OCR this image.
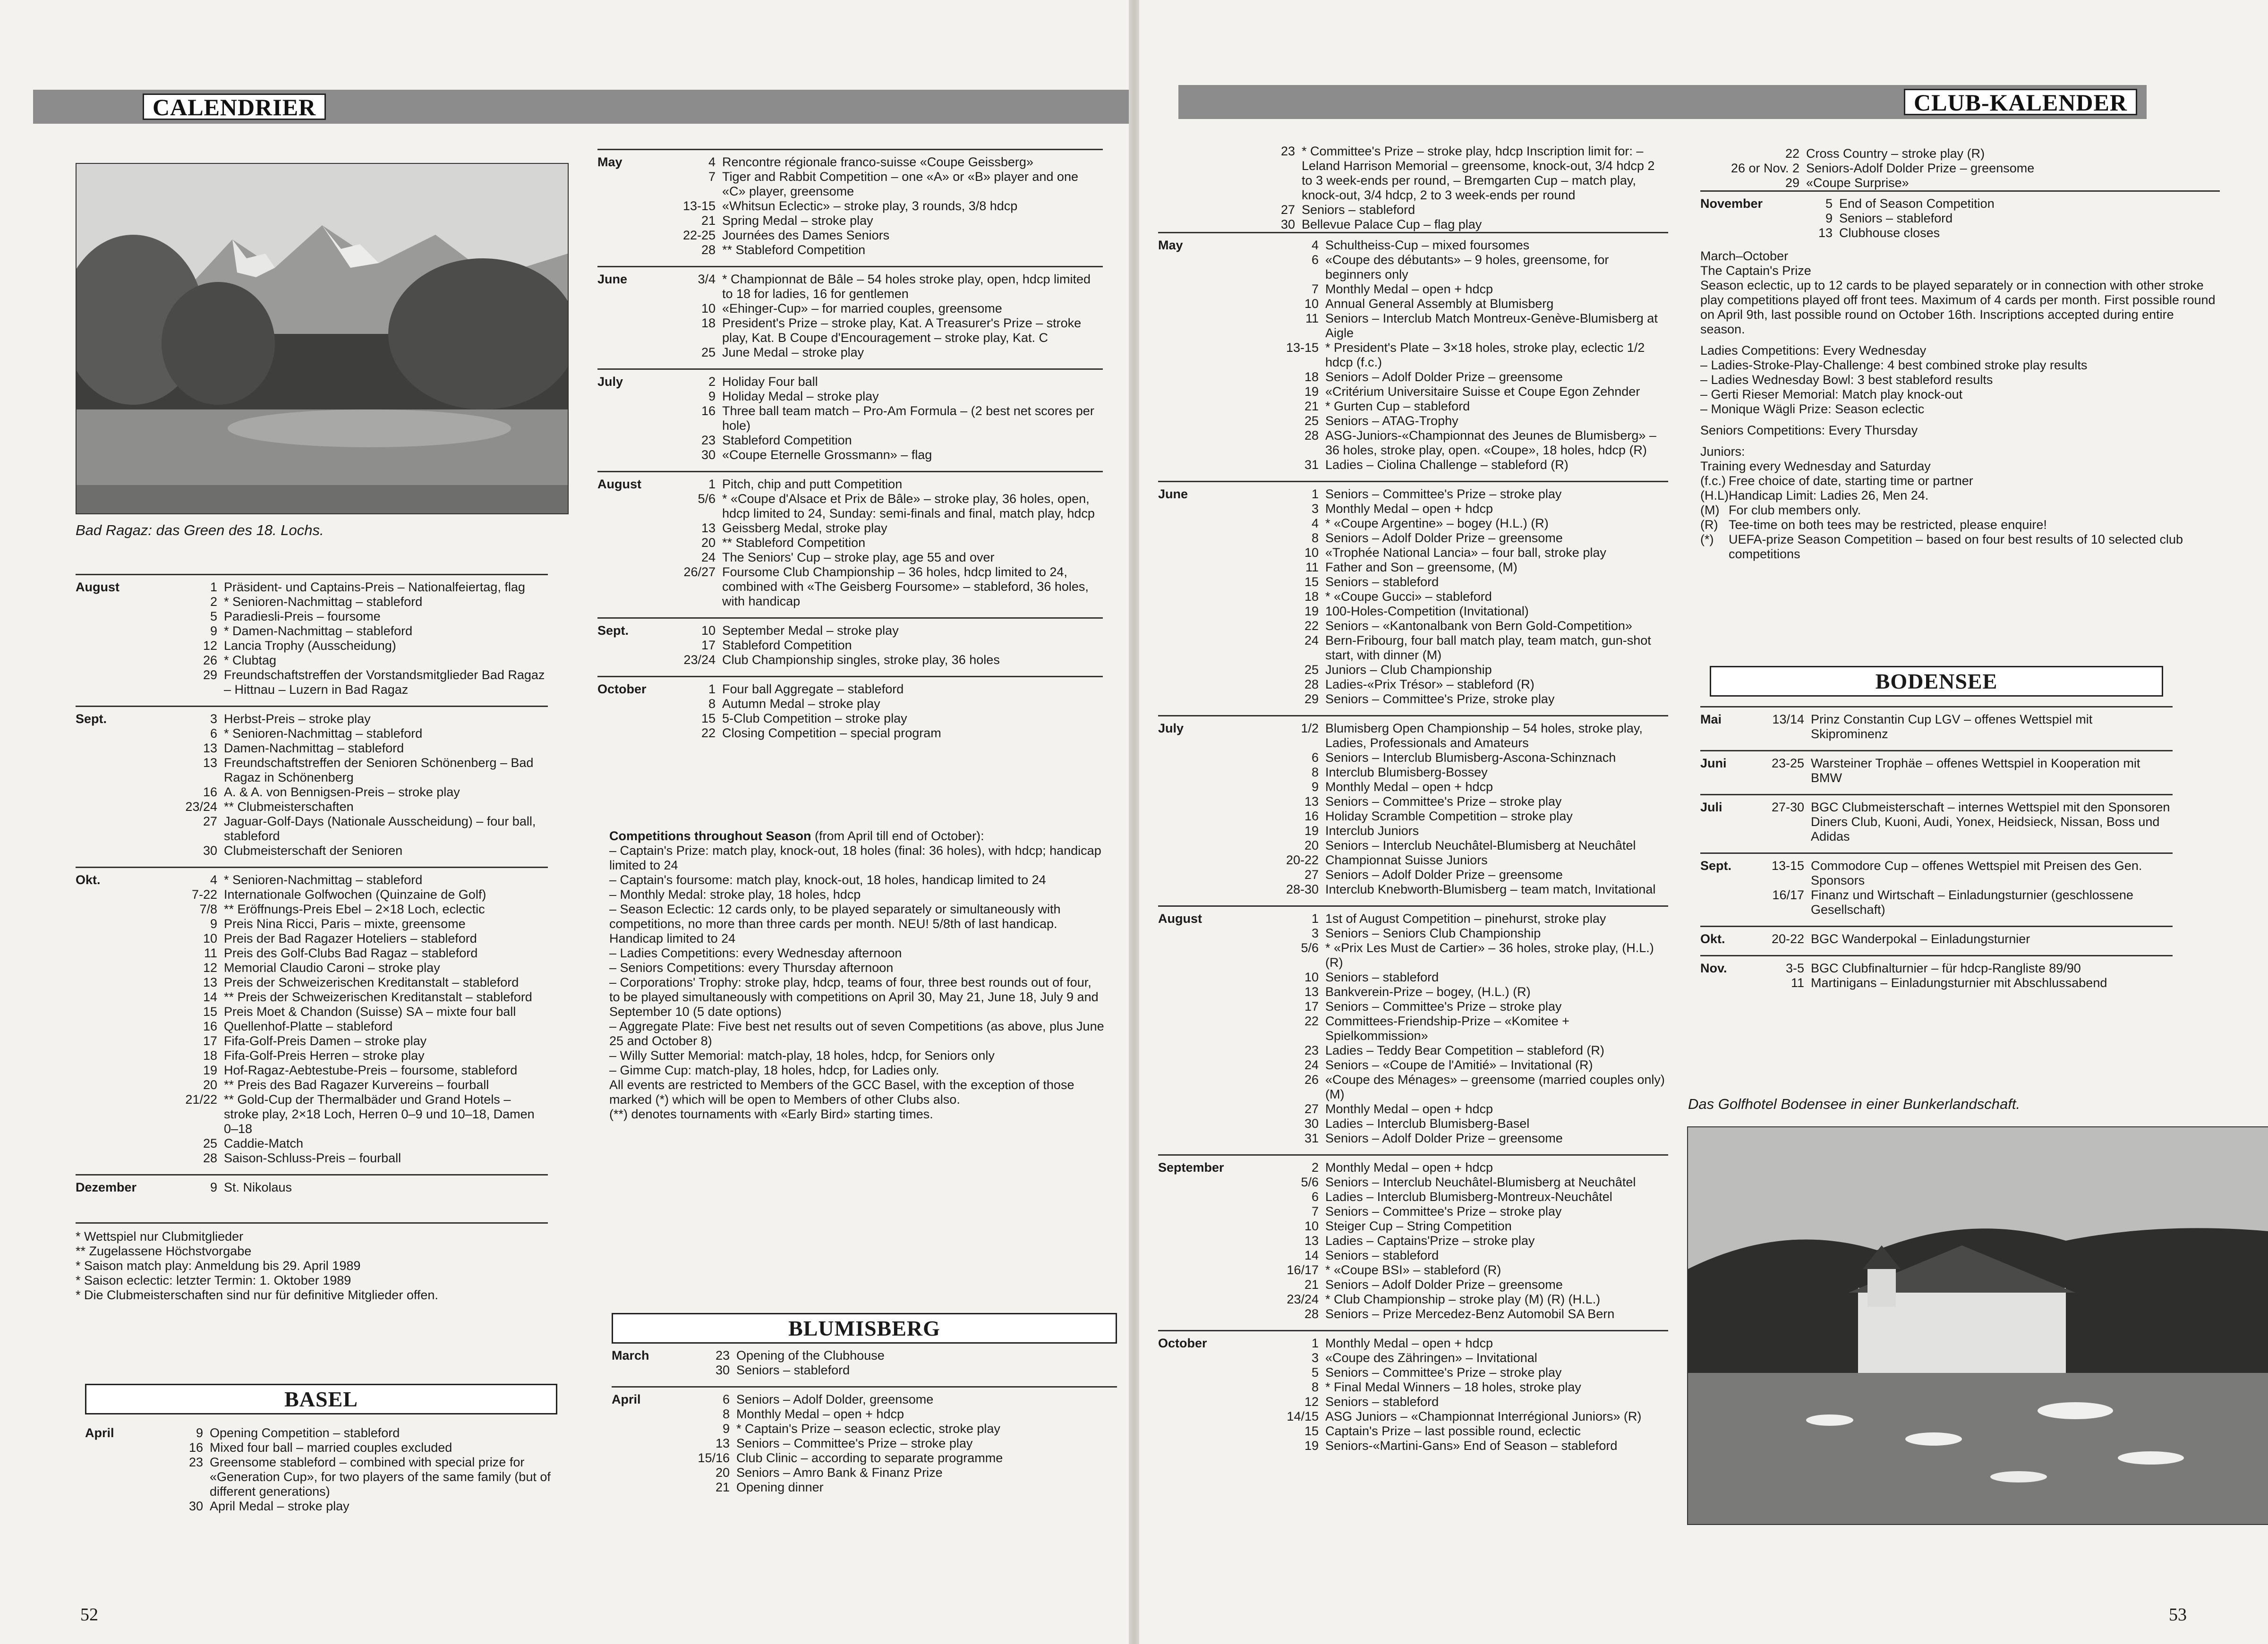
CALENDRIER
Bad Ragaz: das Green des 18. Lochs.
August	1 Präsident- und Captains-Preis – Nationalfeiertag, flag
2 * Senioren-Nachmittag – stableford
5 Paradiesli-Preis – foursome
9 * Damen-Nachmittag – stableford
12 Lancia Trophy (Ausscheidung)
26 * Clubtag
29 Freundschaftstreffen der Vorstandsmitglieder Bad Ragaz – Hittnau – Luzern in Bad Ragaz
Sept.	3 Herbst-Preis – stroke play
6 * Senioren-Nachmittag – stableford
13 Damen-Nachmittag – stableford
13 Freundschaftstreffen der Senioren Schönenberg – Bad Ragaz in Schönenberg
16 A. & A. von Bennigsen-Preis – stroke play
23/24 ** Clubmeisterschaften
27 Jaguar-Golf-Days (Nationale Ausscheidung) – four ball, stableford
30 Clubmeisterschaft der Senioren
Okt.	4 * Senioren-Nachmittag – stableford
7-22 Internationale Golfwochen (Quinzaine de Golf)
7/8 ** Eröffnungs-Preis Ebel – 2×18 Loch, eclectic
9 Preis Nina Ricci, Paris – mixte, greensome
10 Preis der Bad Ragazer Hoteliers – stableford
11 Preis des Golf-Clubs Bad Ragaz – stableford
12 Memorial Claudio Caroni – stroke play
13 Preis der Schweizerischen Kreditanstalt – stableford
14 ** Preis der Schweizerischen Kreditanstalt – stableford
15 Preis Moet & Chandon (Suisse) SA – mixte four ball
16 Quellenhof-Platte – stableford
17 Fifa-Golf-Preis Damen – stroke play
18 Fifa-Golf-Preis Herren – stroke play
19 Hof-Ragaz-Aebtestube-Preis – foursome, stableford
20 ** Preis des Bad Ragazer Kurvereins – fourball
21/22 ** Gold-Cup der Thermalbäder und Grand Hotels – stroke play, 2×18 Loch, Herren 0–9 und 10–18, Damen 0–18
25 Caddie-Match
28 Saison-Schluss-Preis – fourball
Dezember	9 St. Nikolaus
* Wettspiel nur Clubmitglieder
** Zugelassene Höchstvorgabe
* Saison match play: Anmeldung bis 29. April 1989
* Saison eclectic: letzter Termin: 1. Oktober 1989
* Die Clubmeisterschaften sind nur für definitive Mitglieder offen.
BASEL
April	9 Opening Competition – stableford
16 Mixed four ball – married couples excluded
23 Greensome stableford – combined with special prize for «Generation Cup», for two players of the same family (but of different generations)
30 April Medal – stroke play
May	4 Rencontre régionale franco-suisse «Coupe Geissberg»
7 Tiger and Rabbit Competition – one «A» or «B» player and one «C» player, greensome
13-15 «Whitsun Eclectic» – stroke play, 3 rounds, 3/8 hdcp
21 Spring Medal – stroke play
22-25 Journées des Dames Seniors
28 ** Stableford Competition
June	3/4 * Championnat de Bâle – 54 holes stroke play, open, hdcp limited to 18 for ladies, 16 for gentlemen
10 «Ehinger-Cup» – for married couples, greensome
18 President's Prize – stroke play, Kat. A Treasurer's Prize – stroke play, Kat. B Coupe d'Encouragement – stroke play, Kat. C
25 June Medal – stroke play
July	2 Holiday Four ball
9 Holiday Medal – stroke play
16 Three ball team match – Pro-Am Formula – (2 best net scores per hole)
23 Stableford Competition
30 «Coupe Eternelle Grossmann» – flag
August	1 Pitch, chip and putt Competition
5/6 * «Coupe d'Alsace et Prix de Bâle» – stroke play, 36 holes, open, hdcp limited to 24, Sunday: semi-finals and final, match play, hdcp
13 Geissberg Medal, stroke play
20 ** Stableford Competition
24 The Seniors' Cup – stroke play, age 55 and over
26/27 Foursome Club Championship – 36 holes, hdcp limited to 24, combined with «The Geisberg Foursome» – stableford, 36 holes, with handicap
Sept.	10 September Medal – stroke play
17 Stableford Competition
23/24 Club Championship singles, stroke play, 36 holes
October	1 Four ball Aggregate – stableford
8 Autumn Medal – stroke play
15 5-Club Competition – stroke play
22 Closing Competition – special program

Competitions throughout Season (from April till end of October):

– Captain's Prize: match play, knock-out, 18 holes (final: 36 holes), with hdcp; handicap limited to 24
– Captain's foursome: match play, knock-out, 18 holes, handicap limited to 24
– Monthly Medal: stroke play, 18 holes, hdcp
– Season Eclectic: 12 cards only, to be played separately or simultaneously with competitions, no more than three cards per month. NEU! 5/8th of last handicap. Handicap limited to 24
– Ladies Competitions: every Wednesday afternoon
– Seniors Competitions: every Thursday afternoon
– Corporations' Trophy: stroke play, hdcp, teams of four, three best rounds out of four, to be played simultaneously with competitions on April 30, May 21, June 18, July 9 and September 10 (5 date options)
– Aggregate Plate: Five best net results out of seven Competitions (as above, plus June 25 and October 8)
– Willy Sutter Memorial: match-play, 18 holes, hdcp, for Seniors only
– Gimme Cup: match-play, 18 holes, hdcp, for Ladies only.
All events are restricted to Members of the GCC Basel, with the exception of those marked (*) which will be open to Members of other Clubs also.
(**) denotes tournaments with «Early Bird» starting times.
BLUMISBERG
March	23 Opening of the Clubhouse
30 Seniors – stableford
April	6 Seniors – Adolf Dolder, greensome
8 Monthly Medal – open + hdcp
9 * Captain's Prize – season eclectic, stroke play
13 Seniors – Committee's Prize – stroke play
15/16 Club Clinic – according to separate programme
20 Seniors – Amro Bank & Finanz Prize
21 Opening dinner
52
CLUB-KALENDER
23 * Committee's Prize – stroke play, hdcp Inscription limit for: – Leland Harrison Memorial – greensome, knock-out, 3/4 hdcp 2 to 3 week-ends per round, – Bremgarten Cup – match play, knock-out, 3/4 hdcp, 2 to 3 week-ends per round
27 Seniors – stableford
30 Bellevue Palace Cup – flag play
May	4 Schultheiss-Cup – mixed foursomes
6 «Coupe des débutants» – 9 holes, greensome, for beginners only
7 Monthly Medal – open + hdcp
10 Annual General Assembly at Blumisberg
11 Seniors – Interclub Match Montreux-Genève-Blumisberg at Aigle
13-15 * President's Plate – 3×18 holes, stroke play, eclectic 1/2 hdcp (f.c.)
18 Seniors – Adolf Dolder Prize – greensome
19 «Critérium Universitaire Suisse et Coupe Egon Zehnder
21 * Gurten Cup – stableford
25 Seniors – ATAG-Trophy
28 ASG-Juniors-«Championnat des Jeunes de Blumisberg» – 36 holes, stroke play, open. «Coupe», 18 holes, hdcp (R)
31 Ladies – Ciolina Challenge – stableford (R)
June	1 Seniors – Committee's Prize – stroke play
3 Monthly Medal – open + hdcp
4 * «Coupe Argentine» – bogey (H.L.) (R)
8 Seniors – Adolf Dolder Prize – greensome
10 «Trophée National Lancia» – four ball, stroke play
11 Father and Son – greensome, (M)
15 Seniors – stableford
18 * «Coupe Gucci» – stableford
19 100-Holes-Competition (Invitational)
22 Seniors – «Kantonalbank von Bern Gold-Competition»
24 Bern-Fribourg, four ball match play, team match, gun-shot start, with dinner (M)
25 Juniors – Club Championship
28 Ladies-«Prix Trésor» – stableford (R)
29 Seniors – Committee's Prize, stroke play
July	1/2 Blumisberg Open Championship – 54 holes, stroke play, Ladies, Professionals and Amateurs
6 Seniors – Interclub Blumisberg-Ascona-Schinznach
8 Interclub Blumisberg-Bossey
9 Monthly Medal – open + hdcp
13 Seniors – Committee's Prize – stroke play
16 Holiday Scramble Competition – stroke play
19 Interclub Juniors
20 Seniors – Interclub Neuchâtel-Blumisberg at Neuchâtel
20-22 Championnat Suisse Juniors
27 Seniors – Adolf Dolder Prize – greensome
28-30 Interclub Knebworth-Blumisberg – team match, Invitational
August	1 1st of August Competition – pinehurst, stroke play
3 Seniors – Seniors Club Championship
5/6 * «Prix Les Must de Cartier» – 36 holes, stroke play, (H.L.) (R)
10 Seniors – stableford
13 Bankverein-Prize – bogey, (H.L.) (R)
17 Seniors – Committee's Prize – stroke play
22 Committees-Friendship-Prize – «Komitee + Spielkommission»
23 Ladies – Teddy Bear Competition – stableford (R)
24 Seniors – «Coupe de l'Amitié» – Invitational (R)
26 «Coupe des Ménages» – greensome (married couples only) (M)
27 Monthly Medal – open + hdcp
30 Ladies – Interclub Blumisberg-Basel
31 Seniors – Adolf Dolder Prize – greensome
September	2 Monthly Medal – open + hdcp
5/6 Seniors – Interclub Neuchâtel-Blumisberg at Neuchâtel
6 Ladies – Interclub Blumisberg-Montreux-Neuchâtel
7 Seniors – Committee's Prize – stroke play
10 Steiger Cup – String Competition
13 Ladies – Captains'Prize – stroke play
14 Seniors – stableford
16/17 * «Coupe BSI» – stableford (R)
21 Seniors – Adolf Dolder Prize – greensome
23/24 * Club Championship – stroke play (M) (R) (H.L.)
28 Seniors – Prize Mercedez-Benz Automobil SA Bern
October	1 Monthly Medal – open + hdcp
3 «Coupe des Zähringen» – Invitational
5 Seniors – Committee's Prize – stroke play
8 * Final Medal Winners – 18 holes, stroke play
12 Seniors – stableford
14/15 ASG Juniors – «Championnat Interrégional Juniors» (R)
15 Captain's Prize – last possible round, eclectic
19 Seniors-«Martini-Gans» End of Season – stableford
22 Cross Country – stroke play (R)
26 or Nov. 2 Seniors-Adolf Dolder Prize – greensome
29 «Coupe Surprise»
November	5 End of Season Competition
9 Seniors – stableford
13 Clubhouse closes
March–October
The Captain's Prize
Season eclectic, up to 12 cards to be played separately or in connection with other stroke play competitions played off front tees. Maximum of 4 cards per month. First possible round on April 9th, last possible round on October 16th. Inscriptions accepted during entire season.
Ladies Competitions: Every Wednesday
– Ladies-Stroke-Play-Challenge: 4 best combined stroke play results
– Ladies Wednesday Bowl: 3 best stableford results
– Gerti Rieser Memorial: Match play knock-out
– Monique Wägli Prize: Season eclectic
Seniors Competitions: Every Thursday
Juniors:
Training every Wednesday and Saturday
(f.c.) Free choice of date, starting time or partner
(H.L) Handicap Limit: Ladies 26, Men 24.
(M) For club members only.
(R) Tee-time on both tees may be restricted, please enquire!
(*)	UEFA-prize Season Competition – based on four best results of 10 selected club competitions
BODENSEE
Mai	13/14 Prinz Constantin Cup LGV – offenes Wettspiel mit Skiprominenz
Juni	23-25 Warsteiner Trophäe – offenes Wettspiel in Kooperation mit BMW
Juli	27-30 BGC Clubmeisterschaft – internes Wettspiel mit den Sponsoren Diners Club, Kuoni, Audi, Yonex, Heidsieck, Nissan, Boss und Adidas
Sept.	13-15 Commodore Cup – offenes Wettspiel mit Preisen des Gen. Sponsors
16/17 Finanz und Wirtschaft – Einladungsturnier (geschlossene Gesellschaft)
Okt.	20-22 BGC Wanderpokal – Einladungsturnier
Nov.	3-5 BGC Clubfinalturnier – für hdcp-Rangliste 89/90
11 Martinigans – Einladungsturnier mit Abschlussabend
Das Golfhotel Bodensee in einer Bunkerlandschaft.
53
